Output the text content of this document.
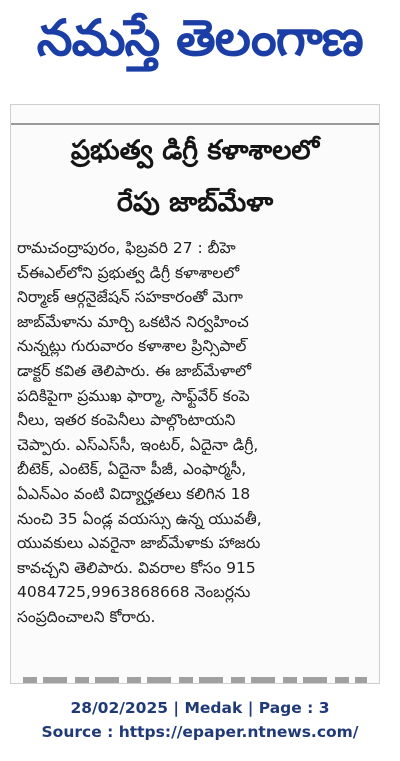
నమస్తే తెలంగాణ
ప్రభుత్వ డిగ్రీ కళాశాలలో
రేపు జాబ్‌మేళా
రామచంద్రాపురం, ఫిబ్రవరి 27 : బీహె
చ్ఈఎల్‌లోని ప్రభుత్వ డిగ్రీ కళాశాలలో
నిర్మాణ్ ఆర్గనైజేషన్ సహకారంతో మెగా
జాబ్‌మేళాను మార్చి ఒకటిన నిర్వహించ
నున్నట్లు గురువారం కళాశాల ప్రిన్సిపాల్
డాక్టర్ కవిత తెలిపారు. ఈ జాబ్‌మేళాలో
పదికిపైగా ప్రముఖ ఫార్మా, సాఫ్ట్‌వేర్ కంపె
నీలు, ఇతర కంపెనీలు పాల్గొంటాయని
చెప్పారు. ఎస్ఎస్‌సీ, ఇంటర్, ఏదైనా డిగ్రీ,
బీటెక్, ఎంటెక్, ఏదైనా పీజీ, ఎంఫార్మసీ,
ఏఎన్ఎం వంటి విద్యార్హతలు కలిగిన 18
నుంచి 35 ఏండ్ల వయస్సు ఉన్న యువతీ,
యువకులు ఎవరైనా జాబ్‌మేళాకు హాజరు
కావచ్చని తెలిపారు. వివరాల కోసం 915
4084725,9963868668 నెంబర్లను
సంప్రదించాలని కోరారు.
28/02/2025 | Medak | Page : 3
Source : https://epaper.ntnews.com/
